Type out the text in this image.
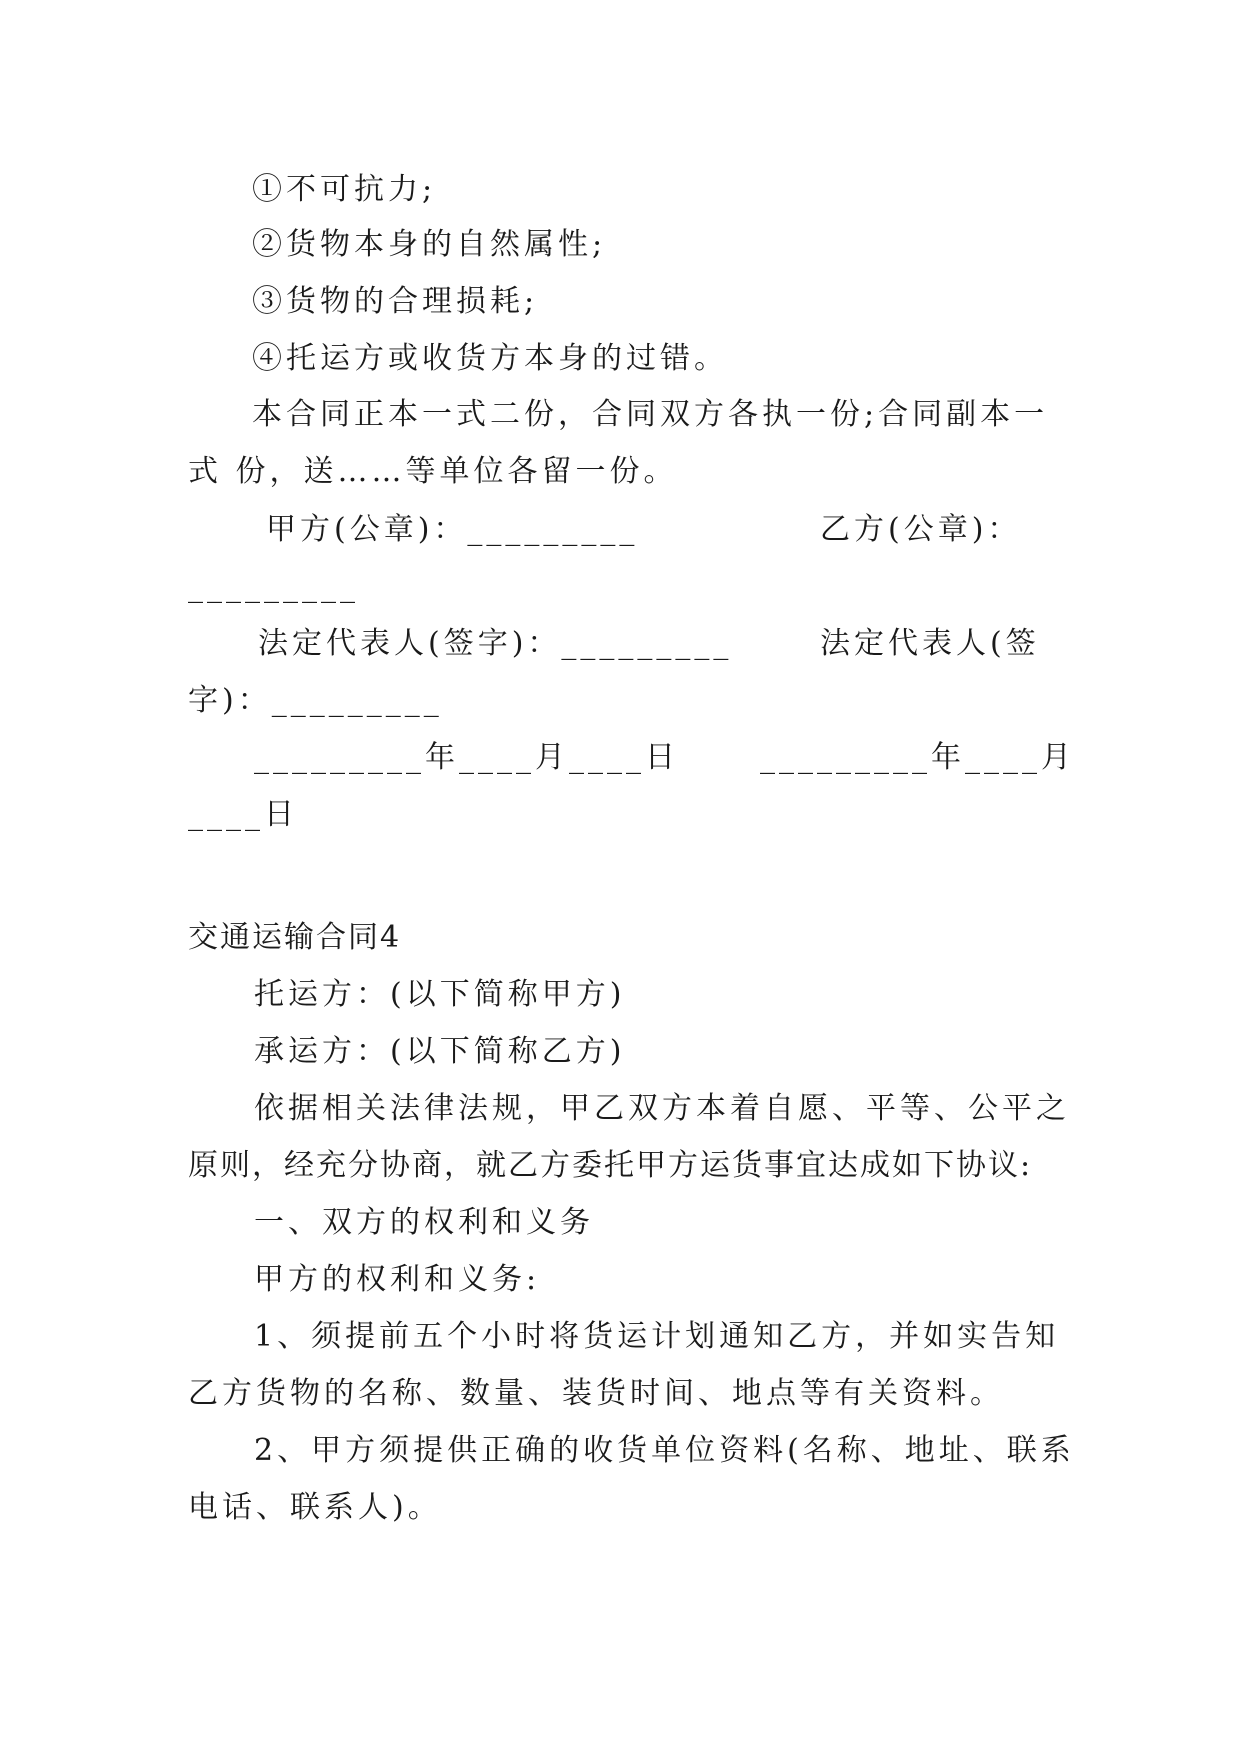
①不可抗力;
②货物本身的自然属性;
③货物的合理损耗;
④托运方或收货方本身的过错。
本合同正本一式二份，合同双方各执一份;合同副本一
式 份，送……等单位各留一份。
甲方(公章)：_________	乙方(公章)：
_________
法定代表人(签字)：_________	法定代表人(签
字)：_________
_________年____月____日	_________年____月
____日
交通运输合同4
托运方：(以下简称甲方)
承运方：(以下简称乙方)
依据相关法律法规，甲乙双方本着自愿、平等、公平之
原则，经充分协商，就乙方委托甲方运货事宜达成如下协议:
一、双方的权利和义务
甲方的权利和义务:
1、须提前五个小时将货运计划通知乙方，并如实告知
乙方货物的名称、数量、装货时间、地点等有关资料。
2、甲方须提供正确的收货单位资料(名称、地址、联系
电话、联系人)。
